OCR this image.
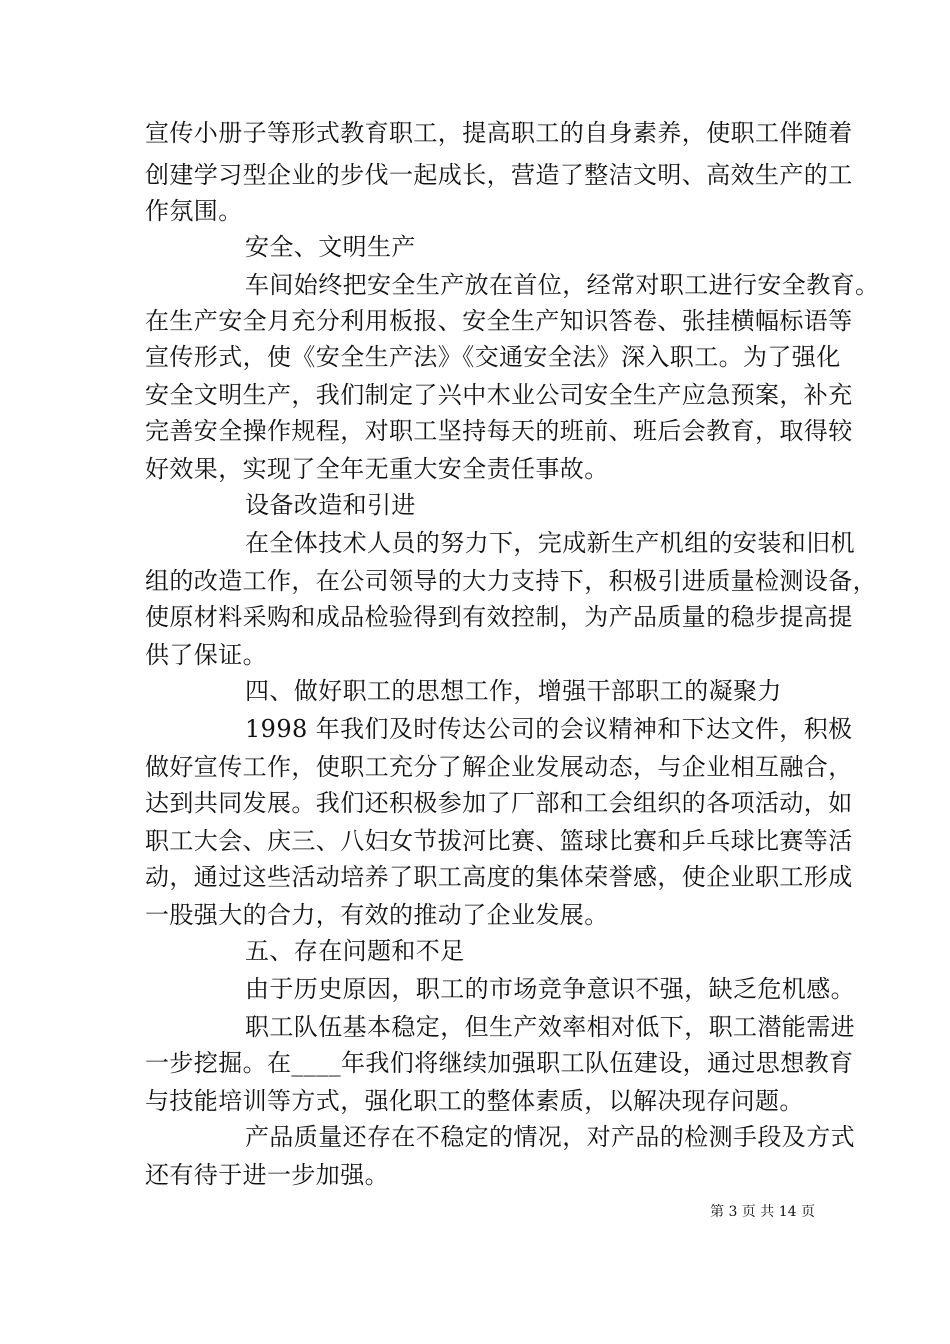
宣传小册子等形式教育职工，提高职工的自身素养，使职工伴随着
创建学习型企业的步伐一起成长，营造了整洁文明、高效生产的工
作氛围。
安全、文明生产
车间始终把安全生产放在首位，经常对职工进行安全教育。
在生产安全月充分利用板报、安全生产知识答卷、张挂横幅标语等
宣传形式，使《安全生产法》《交通安全法》深入职工。为了强化
安全文明生产，我们制定了兴中木业公司安全生产应急预案，补充
完善安全操作规程，对职工坚持每天的班前、班后会教育，取得较
好效果，实现了全年无重大安全责任事故。
设备改造和引进
在全体技术人员的努力下，完成新生产机组的安装和旧机
组的改造工作，在公司领导的大力支持下，积极引进质量检测设备，
使原材料采购和成品检验得到有效控制，为产品质量的稳步提高提
供了保证。
四、做好职工的思想工作，增强干部职工的凝聚力
1998 年我们及时传达公司的会议精神和下达文件，积极
做好宣传工作，使职工充分了解企业发展动态，与企业相互融合，
达到共同发展。我们还积极参加了厂部和工会组织的各项活动，如
职工大会、庆三、八妇女节拔河比赛、篮球比赛和乒乓球比赛等活
动，通过这些活动培养了职工高度的集体荣誉感，使企业职工形成
一股强大的合力，有效的推动了企业发展。
五、存在问题和不足
由于历史原因，职工的市场竞争意识不强，缺乏危机感。
职工队伍基本稳定，但生产效率相对低下，职工潜能需进
一步挖掘。在____年我们将继续加强职工队伍建设，通过思想教育
与技能培训等方式，强化职工的整体素质，以解决现存问题。
产品质量还存在不稳定的情况，对产品的检测手段及方式
还有待于进一步加强。
第 3 页 共 14 页
